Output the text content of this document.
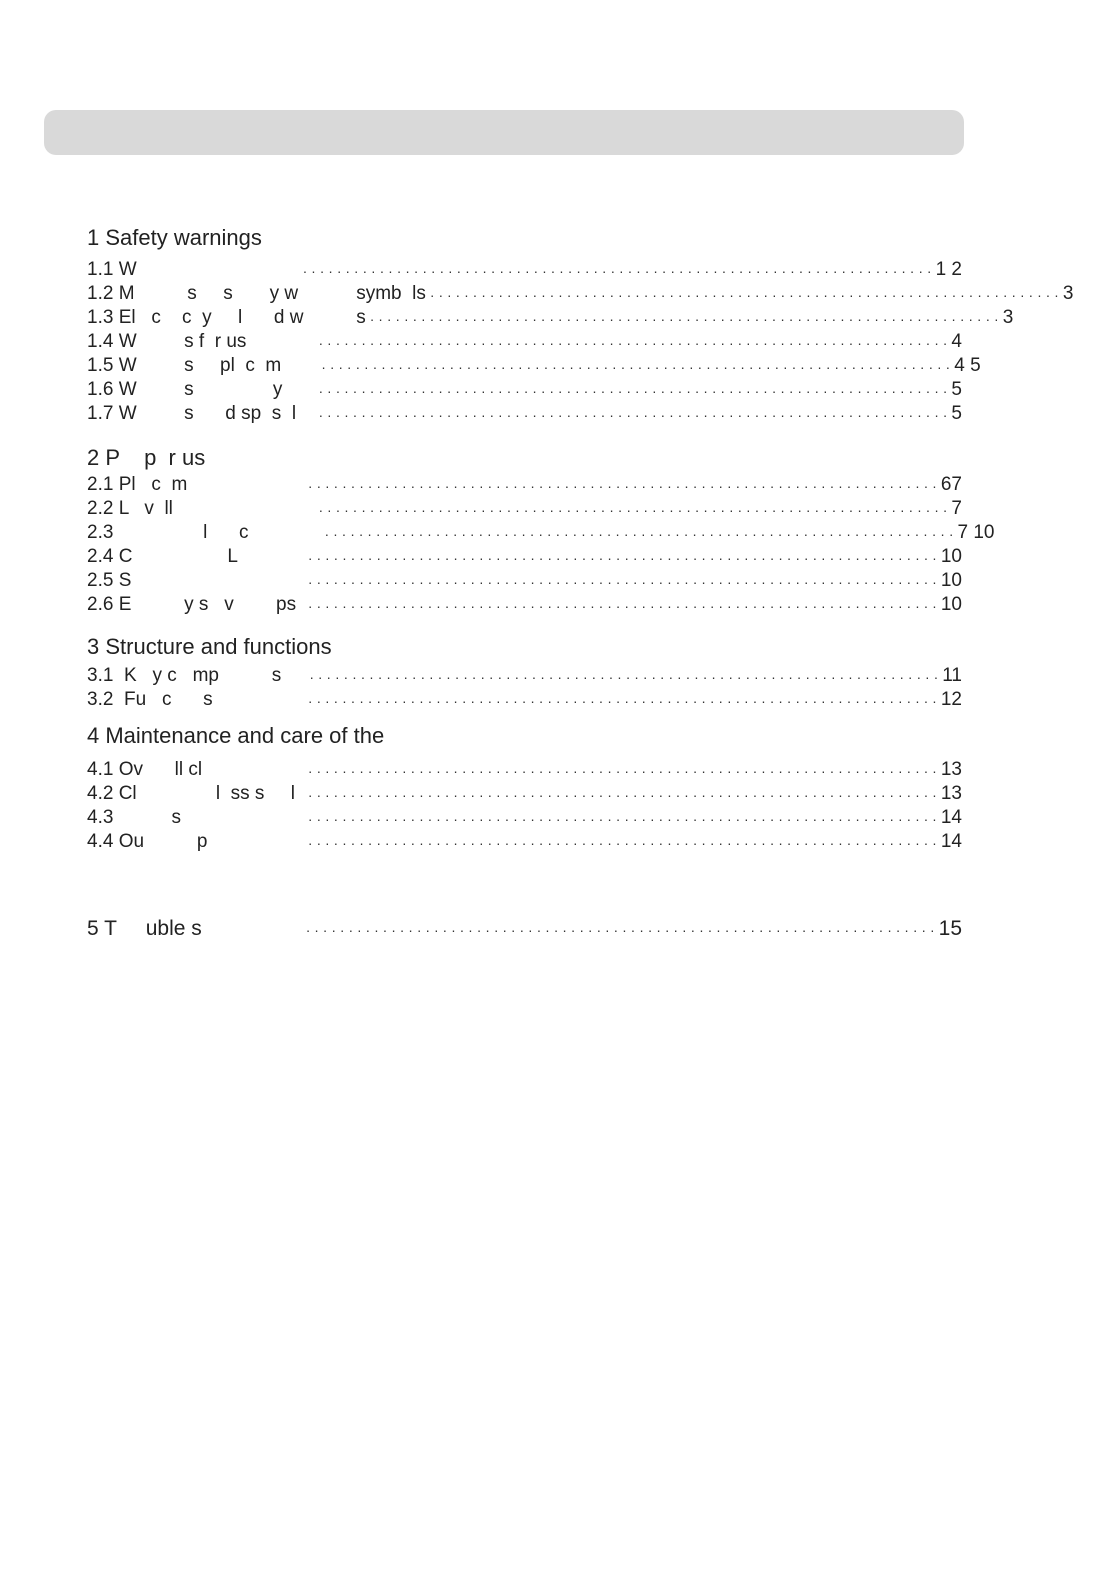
1 Safety warnings
1.1 W	· · · · · · · · · · · · · · · · · · · · · · · · · · · · · · · · · · · · · · · · · · · · · · · · · · · · · · · · · · · · · · · · · · · · · · · · · · 1 2
1.2 M          s     s       y w           symb  ls · · · · · · · · · · · · · · · · · · · · · · · · · · · · · · · · · · · · · · · · · · · · · · · · · · · · · · · · · · · · · · · · · · · · · · · · · · 3
1.3 El   c    c  y     l      d w          s · · · · · · · · · · · · · · · · · · · · · · · · · · · · · · · · · · · · · · · · · · · · · · · · · · · · · · · · · · · · · · · · · · · · · · · · · · 3
1.4 W         s f  r us	· · · · · · · · · · · · · · · · · · · · · · · · · · · · · · · · · · · · · · · · · · · · · · · · · · · · · · · · · · · · · · · · · · · · · · · · · · 4
1.5 W         s     pl  c  m	· · · · · · · · · · · · · · · · · · · · · · · · · · · · · · · · · · · · · · · · · · · · · · · · · · · · · · · · · · · · · · · · · · · · · · · · · · 4 5
1.6 W         s               y	· · · · · · · · · · · · · · · · · · · · · · · · · · · · · · · · · · · · · · · · · · · · · · · · · · · · · · · · · · · · · · · · · · · · · · · · · · 5
1.7 W         s      d sp  s  l	· · · · · · · · · · · · · · · · · · · · · · · · · · · · · · · · · · · · · · · · · · · · · · · · · · · · · · · · · · · · · · · · · · · · · · · · · · 5
2 P    p  r us
2.1 Pl   c  m	· · · · · · · · · · · · · · · · · · · · · · · · · · · · · · · · · · · · · · · · · · · · · · · · · · · · · · · · · · · · · · · · · · · · · · · · · · 67
2.2 L   v  ll	· · · · · · · · · · · · · · · · · · · · · · · · · · · · · · · · · · · · · · · · · · · · · · · · · · · · · · · · · · · · · · · · · · · · · · · · · · 7
2.3                 l      c	· · · · · · · · · · · · · · · · · · · · · · · · · · · · · · · · · · · · · · · · · · · · · · · · · · · · · · · · · · · · · · · · · · · · · · · · · · 7 10
2.4 C                  L	· · · · · · · · · · · · · · · · · · · · · · · · · · · · · · · · · · · · · · · · · · · · · · · · · · · · · · · · · · · · · · · · · · · · · · · · · · 10
2.5 S	· · · · · · · · · · · · · · · · · · · · · · · · · · · · · · · · · · · · · · · · · · · · · · · · · · · · · · · · · · · · · · · · · · · · · · · · · · 10
2.6 E          y s   v        ps · · · · · · · · · · · · · · · · · · · · · · · · · · · · · · · · · · · · · · · · · · · · · · · · · · · · · · · · · · · · · · · · · · · · · · · · · · 10
3 Structure and functions
3.1  K   y c   mp          s	· · · · · · · · · · · · · · · · · · · · · · · · · · · · · · · · · · · · · · · · · · · · · · · · · · · · · · · · · · · · · · · · · · · · · · · · · · 11
3.2  Fu   c      s	· · · · · · · · · · · · · · · · · · · · · · · · · · · · · · · · · · · · · · · · · · · · · · · · · · · · · · · · · · · · · · · · · · · · · · · · · · 12
4 Maintenance and care of the
4.1 Ov      ll cl	· · · · · · · · · · · · · · · · · · · · · · · · · · · · · · · · · · · · · · · · · · · · · · · · · · · · · · · · · · · · · · · · · · · · · · · · · · 13
4.2 Cl               l  ss s     l · · · · · · · · · · · · · · · · · · · · · · · · · · · · · · · · · · · · · · · · · · · · · · · · · · · · · · · · · · · · · · · · · · · · · · · · · · 13
4.3           s	· · · · · · · · · · · · · · · · · · · · · · · · · · · · · · · · · · · · · · · · · · · · · · · · · · · · · · · · · · · · · · · · · · · · · · · · · · 14
4.4 Ou          p	· · · · · · · · · · · · · · · · · · · · · · · · · · · · · · · · · · · · · · · · · · · · · · · · · · · · · · · · · · · · · · · · · · · · · · · · · · 14
5 T     uble s	· · · · · · · · · · · · · · · · · · · · · · · · · · · · · · · · · · · · · · · · · · · · · · · · · · · · · · · · · · · · · · · · · · · · · · · · · · 15
